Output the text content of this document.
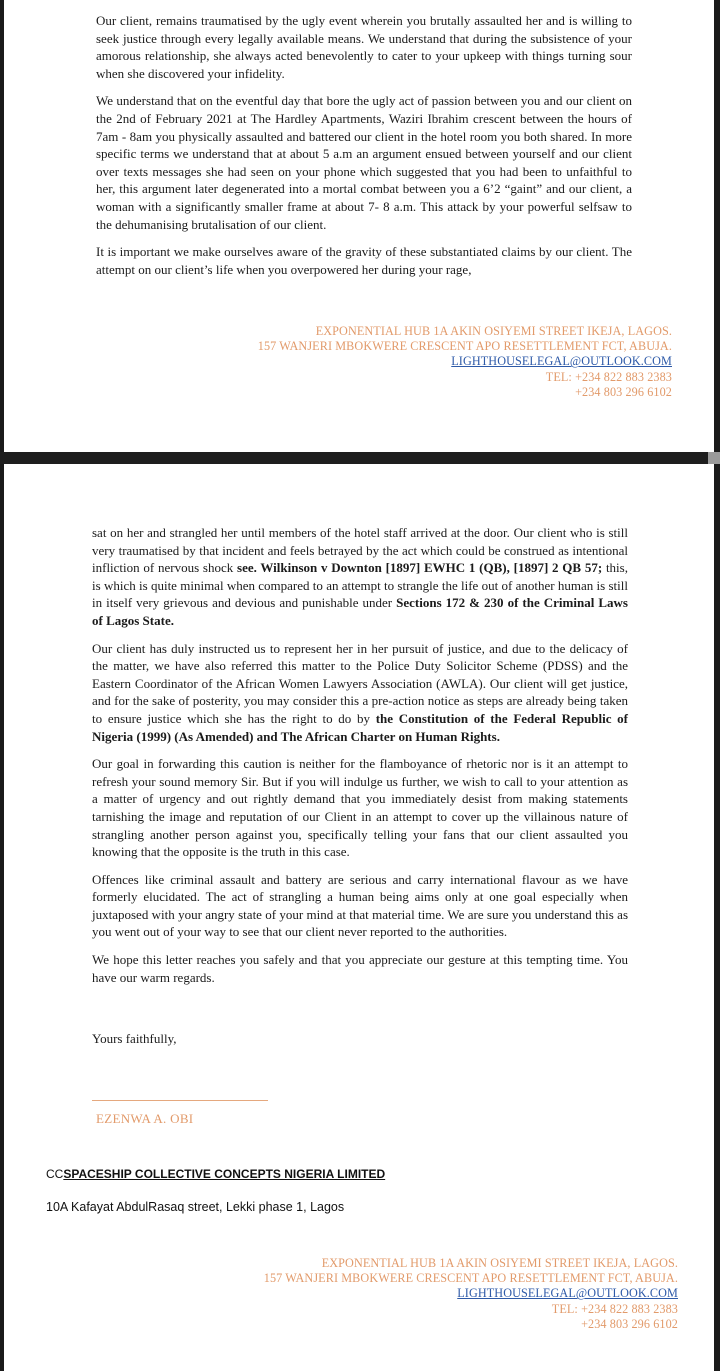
Our client, remains traumatised by the ugly event wherein you brutally assaulted her and is willing to seek justice through every legally available means. We understand that during the subsistence of your amorous relationship, she always acted benevolently to cater to your upkeep with things turning sour when she discovered your infidelity.

We understand that on the eventful day that bore the ugly act of passion between you and our client on the 2nd of February 2021 at The Hardley Apartments, Waziri Ibrahim crescent between the hours of 7am - 8am you physically assaulted and battered our client in the hotel room you both shared. In more specific terms we understand that at about 5 a.m an argument ensued between yourself and our client over texts messages she had seen on your phone which suggested that you had been to unfaithful to her, this argument later degenerated into a mortal combat between you a 6’2 “gaint” and our client, a woman with a significantly smaller frame at about 7- 8 a.m. This attack by your powerful selfsaw to the dehumanising brutalisation of our client.

It is important we make ourselves aware of the gravity of these substantiated claims by our client. The attempt on our client’s life when you overpowered her during your rage,

EXPONENTIAL HUB 1A AKIN OSIYEMI STREET IKEJA, LAGOS.
157 WANJERI MBOKWERE CRESCENT APO RESETTLEMENT FCT, ABUJA.
LIGHTHOUSELEGAL@OUTLOOK.COM
TEL: +234 822 883 2383
+234 803 296 6102

sat on her and strangled her until members of the hotel staff arrived at the door. Our client who is still very traumatised by that incident and feels betrayed by the act which could be construed as intentional infliction of nervous shock see. Wilkinson v Downton [1897] EWHC 1 (QB), [1897] 2 QB 57; this, is which is quite minimal when compared to an attempt to strangle the life out of another human is still in itself very grievous and devious and punishable under Sections 172 & 230 of the Criminal Laws of Lagos State.

Our client has duly instructed us to represent her in her pursuit of justice, and due to the delicacy of the matter, we have also referred this matter to the Police Duty Solicitor Scheme (PDSS) and the Eastern Coordinator of the African Women Lawyers Association (AWLA). Our client will get justice, and for the sake of posterity, you may consider this a pre-action notice as steps are already being taken to ensure justice which she has the right to do by the Constitution of the Federal Republic of Nigeria (1999) (As Amended) and The African Charter on Human Rights.

Our goal in forwarding this caution is neither for the flamboyance of rhetoric nor is it an attempt to refresh your sound memory Sir. But if you will indulge us further, we wish to call to your attention as a matter of urgency and out rightly demand that you immediately desist from making statements tarnishing the image and reputation of our Client in an attempt to cover up the villainous nature of strangling another person against you, specifically telling your fans that our client assaulted you knowing that the opposite is the truth in this case.

Offences like criminal assault and battery are serious and carry international flavour as we have formerly elucidated. The act of strangling a human being aims only at one goal especially when juxtaposed with your angry state of your mind at that material time. We are sure you understand this as you went out of your way to see that our client never reported to the authorities.

We hope this letter reaches you safely and that you appreciate our gesture at this tempting time. You have our warm regards.

Yours faithfully,
EZENWA A. OBI
CCSPACESHIP COLLECTIVE CONCEPTS NIGERIA LIMITED
10A Kafayat AbdulRasaq street, Lekki phase 1, Lagos
EXPONENTIAL HUB 1A AKIN OSIYEMI STREET IKEJA, LAGOS.
157 WANJERI MBOKWERE CRESCENT APO RESETTLEMENT FCT, ABUJA.
LIGHTHOUSELEGAL@OUTLOOK.COM
TEL: +234 822 883 2383
+234 803 296 6102
